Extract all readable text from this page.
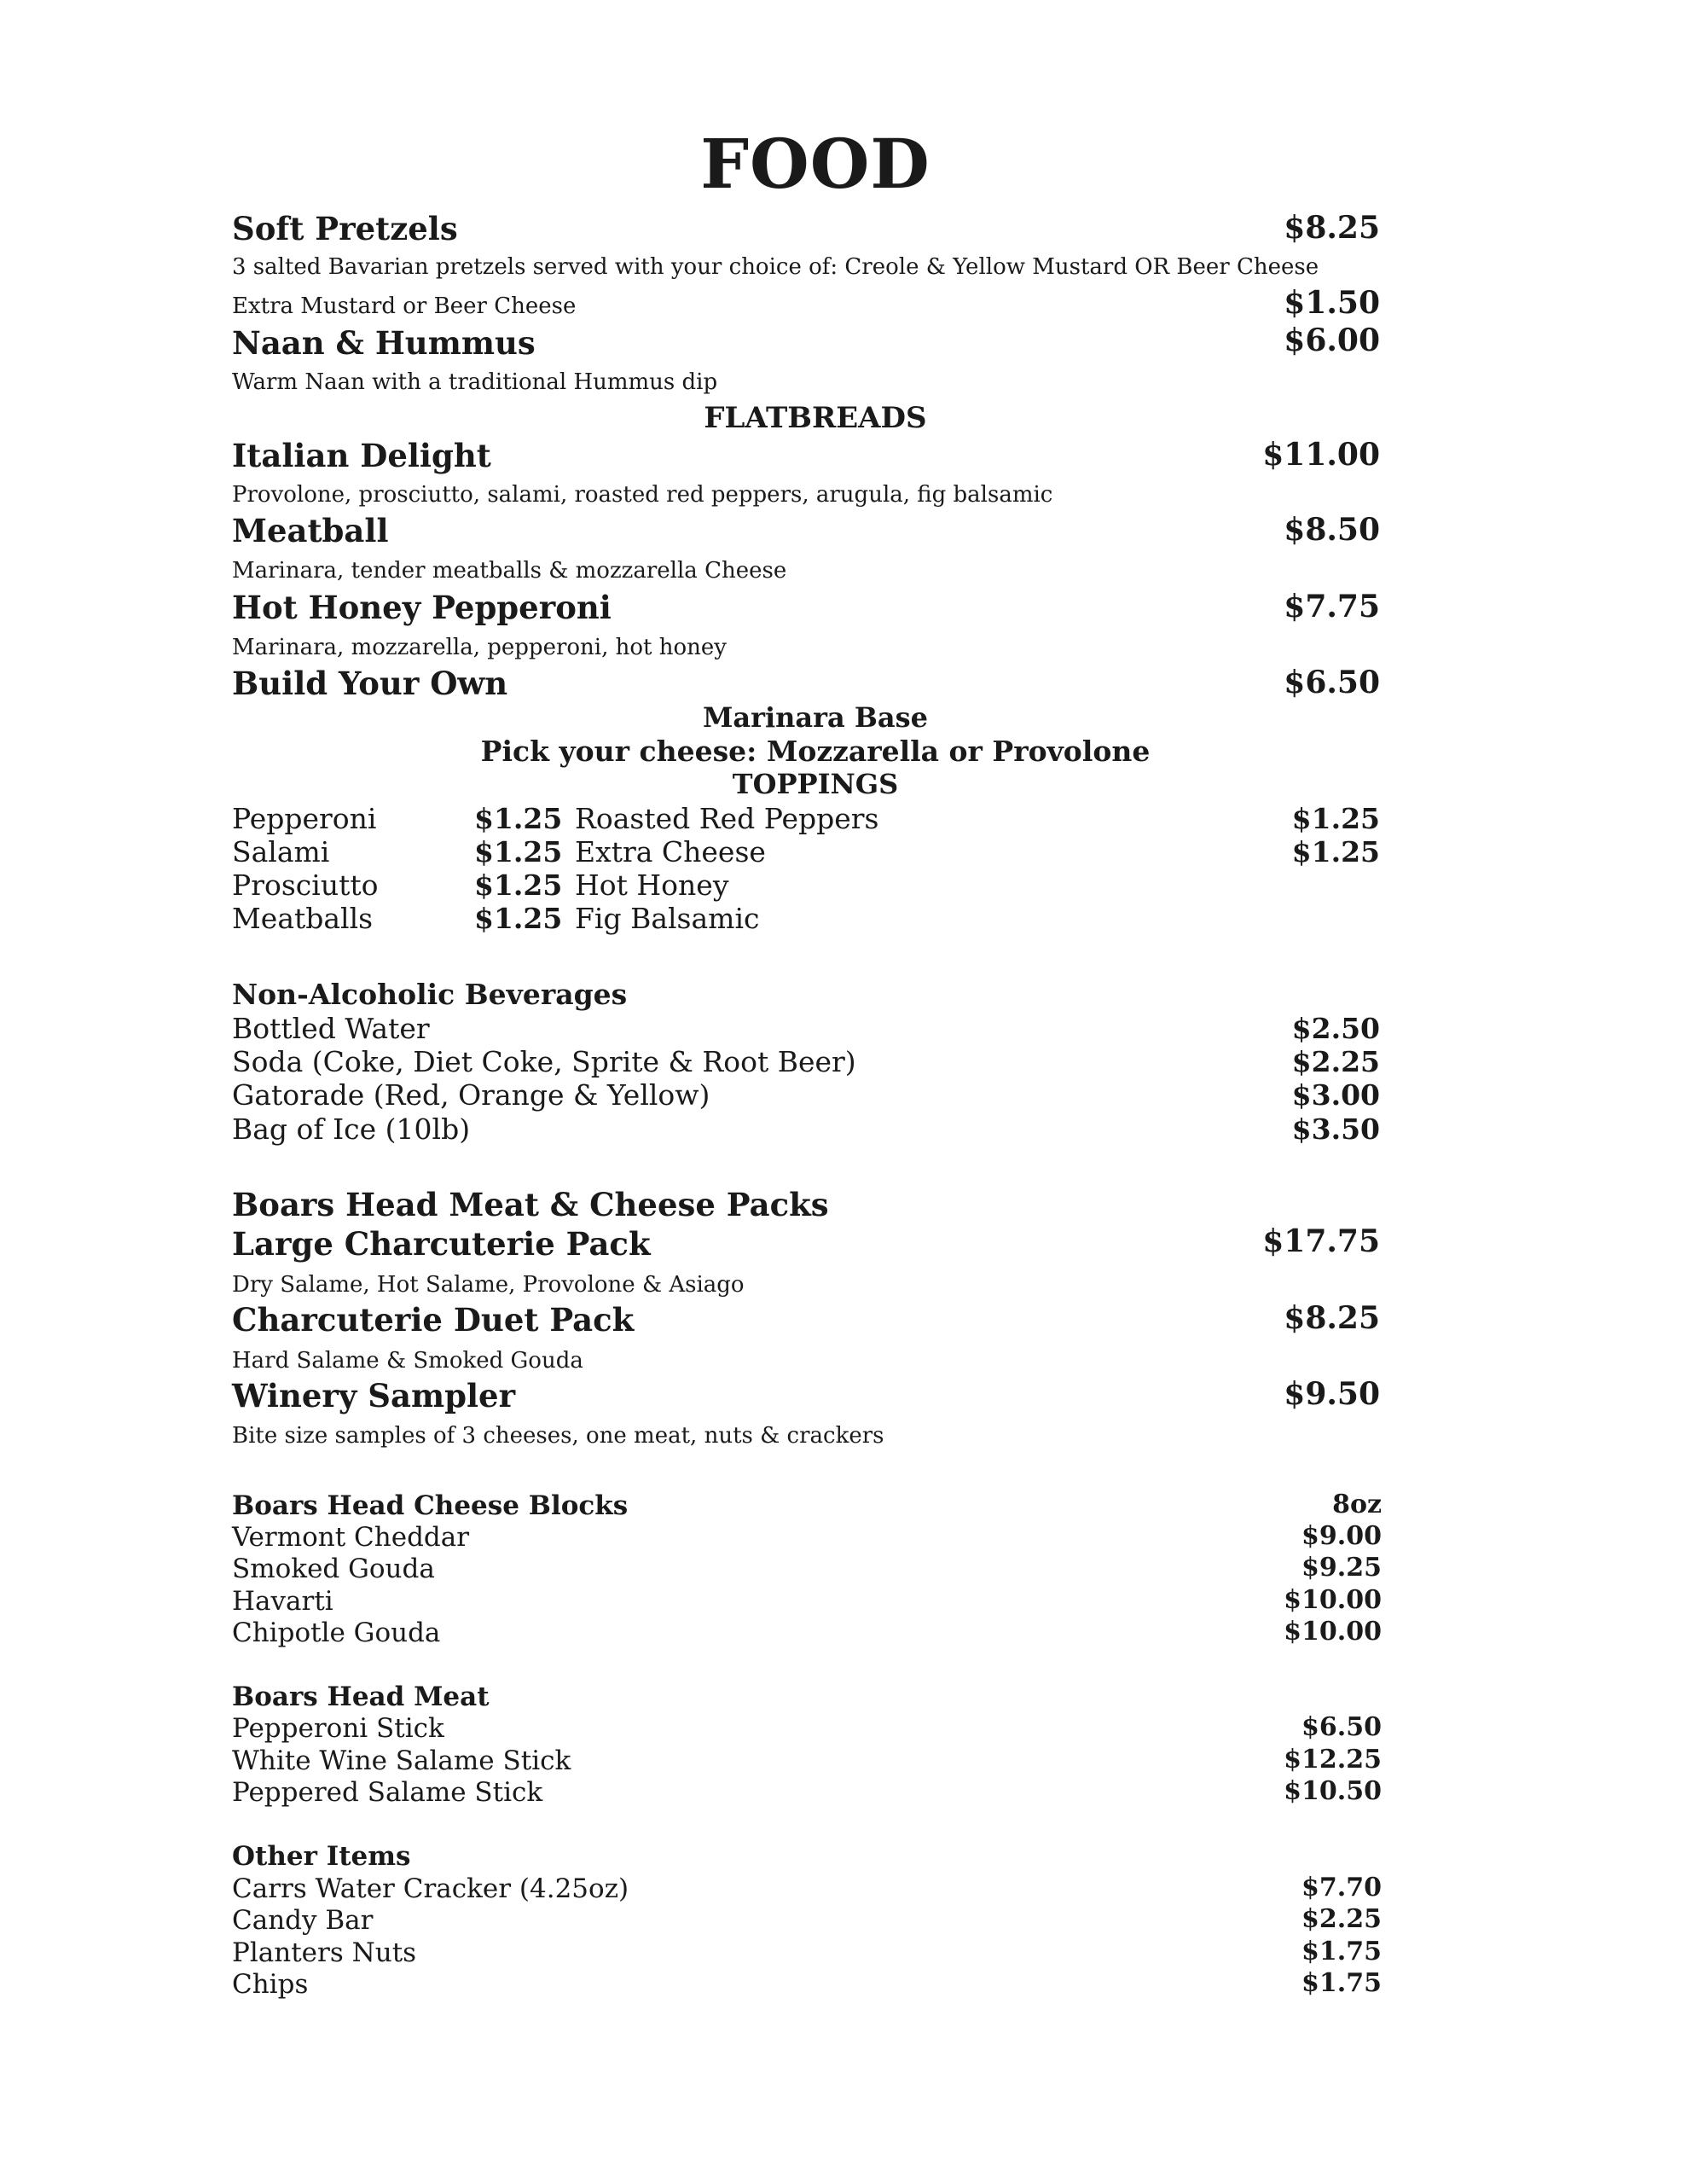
FOOD
Soft Pretzels	$8.25
3 salted Bavarian pretzels served with your choice of: Creole & Yellow Mustard OR Beer Cheese
Extra Mustard or Beer Cheese	$1.50
Naan & Hummus	$6.00
Warm Naan with a traditional Hummus dip
FLATBREADS
Italian Delight	$11.00
Provolone, prosciutto, salami, roasted red peppers, arugula, fig balsamic
Meatball	$8.50
Marinara, tender meatballs & mozzarella Cheese
Hot Honey Pepperoni	$7.75
Marinara, mozzarella, pepperoni, hot honey
Build Your Own	$6.50
Marinara Base
Pick your cheese: Mozzarella or Provolone
TOPPINGS
Pepperoni	$1.25 Roasted Red Peppers	$1.25
Salami	$1.25 Extra Cheese	$1.25
Prosciutto	$1.25 Hot Honey
Meatballs	$1.25 Fig Balsamic
Non-Alcoholic Beverages
Bottled Water	$2.50
Soda (Coke, Diet Coke, Sprite & Root Beer)	$2.25
Gatorade (Red, Orange & Yellow)	$3.00
Bag of Ice (10lb)	$3.50
Boars Head Meat & Cheese Packs
Large Charcuterie Pack	$17.75
Dry Salame, Hot Salame, Provolone & Asiago
Charcuterie Duet Pack	$8.25
Hard Salame & Smoked Gouda
Winery Sampler	$9.50
Bite size samples of 3 cheeses, one meat, nuts & crackers
Boars Head Cheese Blocks	8oz
Vermont Cheddar	$9.00
Smoked Gouda	$9.25
Havarti	$10.00
Chipotle Gouda	$10.00
Boars Head Meat
Pepperoni Stick	$6.50
White Wine Salame Stick	$12.25
Peppered Salame Stick	$10.50
Other Items
Carrs Water Cracker (4.25oz)	$7.70
Candy Bar	$2.25
Planters Nuts	$1.75
Chips	$1.75
